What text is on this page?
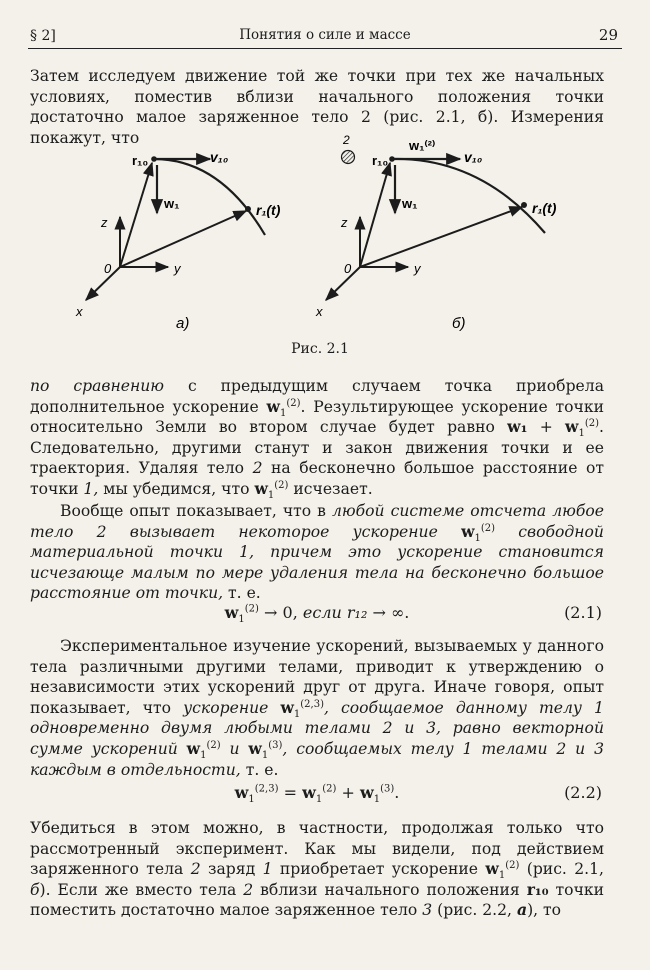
§ 2]	Понятия о силе и массе	29

Затем исследуем движение той же точки при тех же начальных условиях, поместив вблизи начального положения точки достаточно малое заряженное тело 2 (рис. 2.1, б). Измерения покажут, что

r₁₀	v₁₀
w₁	r₁(t)
0
z
y
x
а)
2
r₁₀
w₁⁽²⁾
v₁₀
w₁	r₁(t)
0
z
y
x
б)
Рис. 2.1

по сравнению с предыдущим случаем точка приобрела дополнительное ускорение $w_1^{(2)}$. Результирующее ускорение точки относительно Земли во втором случае будет равно $w_1 + w_1^{(2)}$. Следовательно, другими станут и закон движения точки и ее траектория. Удаляя тело 2 на бесконечно большое расстояние от точки 1, мы убедимся, что $w_1^{(2)}$ исчезает.

Вообще опыт показывает, что в любой системе отсчета любое тело 2 вызывает некоторое ускорение $w_1^{(2)}$ свободной материальной точки 1, причем это ускорение становится исчезающе малым по мере удаления тела на бесконечно большое расстояние от точки, т. е.

$w_1^{(2)} \to 0$, если r₁₂ → ∞.	(2.1)

Экспериментальное изучение ускорений, вызываемых у данного тела различными другими телами, приводит к утверждению о независимости этих ускорений друг от друга. Иначе говоря, опыт показывает, что ускорение $w_1^{(2,3)}$, сообщаемое данному телу 1 одновременно двумя любыми телами 2 и 3, равно векторной сумме ускорений $w_1^{(2)}$ и $w_1^{(3)}$, сообщаемых телу 1 телами 2 и 3 каждым в отдельности, т. е.

$w_1^{(2,3)} = w_1^{(2)} + w_1^{(3)}$.	(2.2)

Убедиться в этом можно, в частности, продолжая только что рассмотренный эксперимент. Как мы видели, под действием заряженного тела 2 заряд 1 приобретает ускорение $w_1^{(2)}$ (рис. 2.1, б). Если же вместо тела 2 вблизи начального положения r₁₀ точки поместить достаточно малое заряженное тело 3 (рис. 2.2, а), то
